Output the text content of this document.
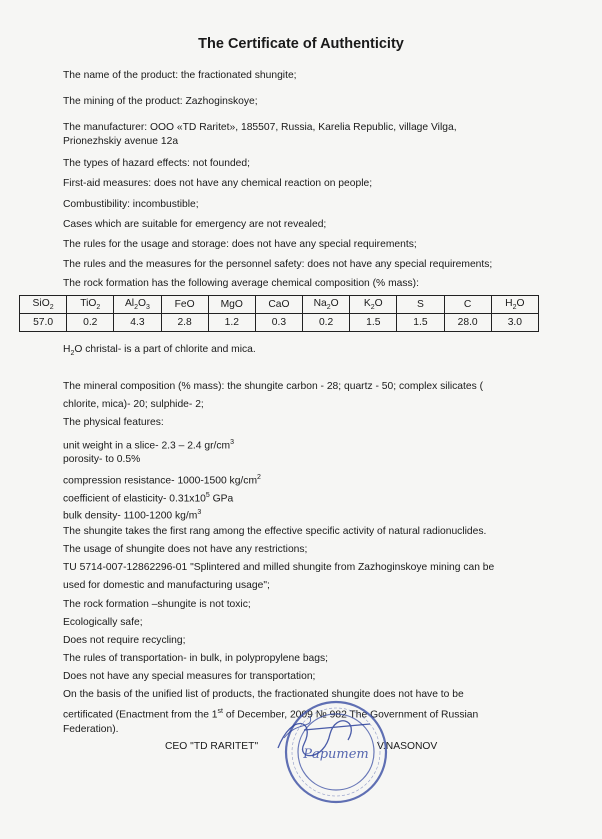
The Certificate of Authenticity
The name of the product: the fractionated shungite;
The mining of the product: Zazhoginskoye;
The manufacturer: OOO «TD Raritet», 185507, Russia, Karelia Republic, village Vilga,
Prionezhskiy avenue 12a
The types of hazard effects: not founded;
First-aid measures: does not have any chemical reaction on people;
Combustibility: incombustible;
Cases which are suitable for emergency are not revealed;
The rules for the usage and storage: does not have any special requirements;
The rules and the measures for the personnel safety: does not have any special requirements;
The rock formation has the following average chemical composition (% mass):
SiO$_2$	TiO$_2$	$Al_2O_3$	FeO	MgO	CaO	$Na_2O$	$K_2O$	S	C	$H_2O$
57.0	0.2	4.3	2.8	1.2	0.3	0.2	1.5	1.5	28.0	3.0
$H_2O$ christal- is a part of chlorite and mica.
The mineral composition (% mass): the shungite carbon - 28; quartz - 50; complex silicates (
chlorite, mica)- 20; sulphide- 2;
The physical features:
unit weight in a slice- 2.3 – 2.4 $gr/cm^3$
porosity- to 0.5%
compression resistance- 1000-1500 $kg/cm^2$
coefficient of elasticity- $0.31x10^5$ GPa
bulk density- 1100-1200 $kg/m^3$
The shungite takes the first rang among the effective specific activity of natural radionuclides.
The usage of shungite does not have any restrictions;
TU 5714-007-12862296-01 "Splintered and milled shungite from Zazhoginskoye mining can be
used for domestic and manufacturing usage";
The rock formation –shungite is not toxic;
Ecologically safe;
Does not require recycling;
The rules of transportation- in bulk, in polypropylene bags;
Does not have any special measures for transportation;
On the basis of the unified list of products, the fractionated shungite does not have to be
certificated (Enactment from the 1st of December, 2009 № 982 The Government of Russian
Federation).
CEO "TD RARITET"	V.NASONOV
Раритет
